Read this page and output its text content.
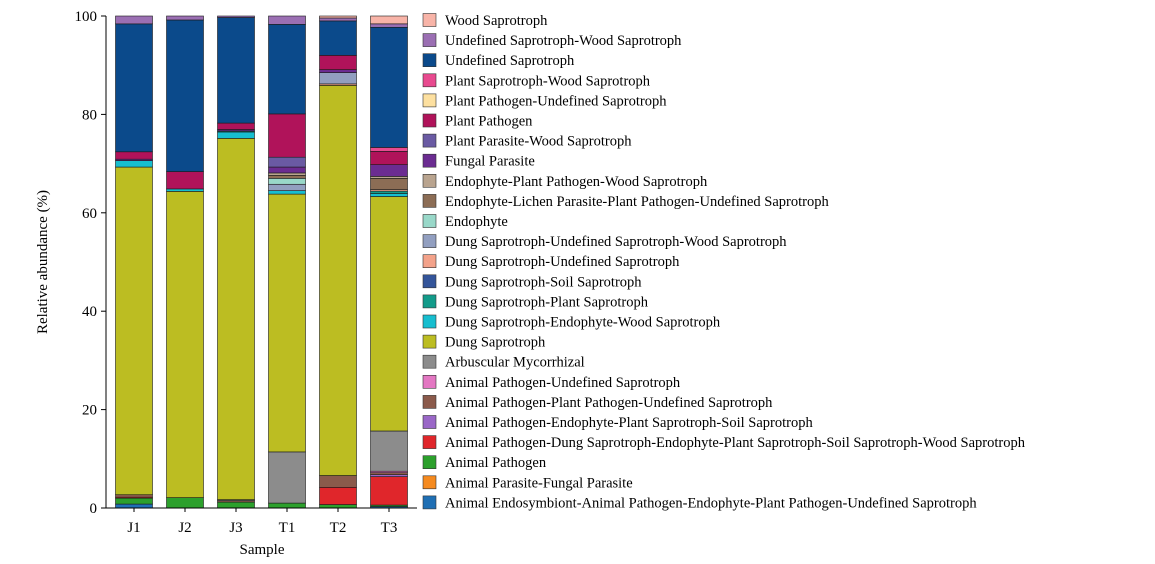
0
20
40
60
80
100
J1	J2	J3 T1 T2 T3
Relative abundance (%)
Sample
Wood Saprotroph
Undefined Saprotroph-Wood Saprotroph
Undefined Saprotroph
Plant Saprotroph-Wood Saprotroph
Plant Pathogen-Undefined Saprotroph
Plant Pathogen
Plant Parasite-Wood Saprotroph
Fungal Parasite
Endophyte-Plant Pathogen-Wood Saprotroph
Endophyte-Lichen Parasite-Plant Pathogen-Undefined Saprotroph
Endophyte
Dung Saprotroph-Undefined Saprotroph-Wood Saprotroph
Dung Saprotroph-Undefined Saprotroph
Dung Saprotroph-Soil Saprotroph
Dung Saprotroph-Plant Saprotroph
Dung Saprotroph-Endophyte-Wood Saprotroph
Dung Saprotroph
Arbuscular Mycorrhizal
Animal Pathogen-Undefined Saprotroph
Animal Pathogen-Plant Pathogen-Undefined Saprotroph
Animal Pathogen-Endophyte-Plant Saprotroph-Soil Saprotroph
Animal Pathogen-Dung Saprotroph-Endophyte-Plant Saprotroph-Soil Saprotroph-Wood Saprotroph
Animal Pathogen
Animal Parasite-Fungal Parasite
Animal Endosymbiont-Animal Pathogen-Endophyte-Plant Pathogen-Undefined Saprotroph
